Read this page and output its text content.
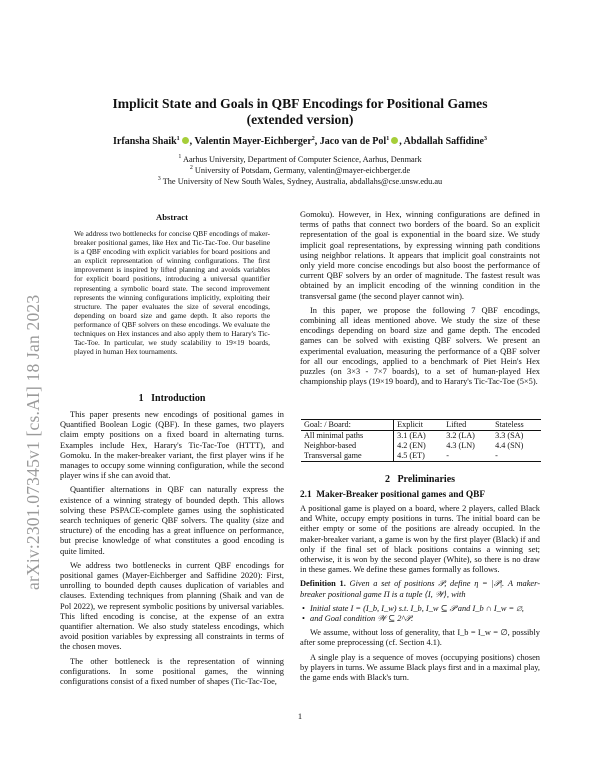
arXiv:2301.07345v1 [cs.AI] 18 Jan 2023
Implicit State and Goals in QBF Encodings for Positional Games
(extended version)
Irfansha Shaik$^1$ , Valentin Mayer-Eichberger$^2$, Jaco van de Pol$^1$ , Abdallah Saffidine$^3$
$^1$ Aarhus University, Department of Computer Science, Aarhus, Denmark
$^2$ University of Potsdam, Germany, valentin@mayer-eichberger.de
$^3$ The University of New South Wales, Sydney, Australia, abdallahs@cse.unsw.edu.au
Abstract
We address two bottlenecks for concise QBF encodings of maker-breaker positional games, like Hex and Tic-Tac-Toe. Our baseline is a QBF encoding with explicit variables for board positions and an explicit representation of winning configurations. The first improvement is inspired by lifted planning and avoids variables for explicit board positions, introducing a universal quantifier representing a symbolic board state. The second improvement represents the winning configurations implicitly, exploiting their structure. The paper evaluates the size of several encodings, depending on board size and game depth. It also reports the performance of QBF solvers on these encodings. We evaluate the techniques on Hex instances and also apply them to Harary's Tic-Tac-Toe. In particular, we study scalability to 19×19 boards, played in human Hex tournaments.
1 Introduction

This paper presents new encodings of positional games in Quantified Boolean Logic (QBF). In these games, two players claim empty positions on a fixed board in alternating turns. Examples include Hex, Harary's Tic-Tac-Toe (HTTT), and Gomoku. In the maker-breaker variant, the first player wins if he manages to occupy some winning configuration, while the second player wins if she can avoid that.

Quantifier alternations in QBF can naturally express the existence of a winning strategy of bounded depth. This allows solving these PSPACE-complete games using the sophisticated search techniques of generic QBF solvers. The quality (size and structure) of the encoding has a great influence on performance, but precise knowledge of what constitutes a good encoding is quite limited.

We address two bottlenecks in current QBF encodings for positional games (Mayer-Eichberger and Saffidine 2020): First, unrolling to bounded depth causes duplication of variables and clauses. Extending techniques from planning (Shaik and van de Pol 2022), we represent symbolic positions by universal variables. This lifted encoding is concise, at the expense of an extra quantifier alternation. We also study stateless encodings, which avoid position variables by expressing all constraints in terms of the chosen moves.

The other bottleneck is the representation of winning configurations. In some positional games, the winning configurations consist of a fixed number of shapes (Tic-Tac-Toe,

Gomoku). However, in Hex, winning configurations are defined in terms of paths that connect two borders of the board. So an explicit representation of the goal is exponential in the board size. We study implicit goal representations, by expressing winning path conditions using neighbor relations. It appears that implicit goal constraints not only yield more concise encodings but also boost the performance of current QBF solvers by an order of magnitude. The fastest result was obtained by an implicit encoding of the winning condition in the transversal game (the second player cannot win).

In this paper, we propose the following 7 QBF encodings, combining all ideas mentioned above. We study the size of these encodings depending on board size and game depth. The encoded games can be solved with existing QBF solvers. We present an experimental evaluation, measuring the performance of a QBF solver for all our encodings, applied to a benchmark of Piet Hein's Hex puzzles (on 3×3 - 7×7 boards), to a set of human-played Hex championship plays (19×19 board), and to Harary's Tic-Tac-Toe (5×5).

Goal: / Board:	Explicit	Lifted	Stateless
All minimal paths	3.1 (EA)	3.2 (LA)	3.3 (SA)
Neighbor-based	4.2 (EN)	4.3 (LN)	4.4 (SN)
Transversal game	4.5 (ET)	-	-
2 Preliminaries
2.1 Maker-Breaker positional games and QBF

A positional game is played on a board, where 2 players, called Black and White, occupy empty positions in turns. The initial board can be either empty or some of the positions are already occupied. In the maker-breaker variant, a game is won by the first player (Black) if and only if the final set of black positions contains a winning set; otherwise, it is won by the second player (White), so there is no draw in these games. We define these games formally as follows.

Definition 1. Given a set of positions 𝒫, define η = |𝒫|. A maker-breaker positional game Π is a tuple ⟨I, 𝒲⟩, with

• Initial state I = (I_b, I_w) s.t. I_b, I_w ⊆ 𝒫 and I_b ∩ I_w = ∅,
• and Goal condition 𝒲 ⊆ 2^𝒫.

We assume, without loss of generality, that I_b = I_w = ∅, possibly after some preprocessing (cf. Section 4.1).

A single play is a sequence of moves (occupying positions) chosen by players in turns. We assume Black plays first and in a maximal play, the game ends with Black's turn.

1
